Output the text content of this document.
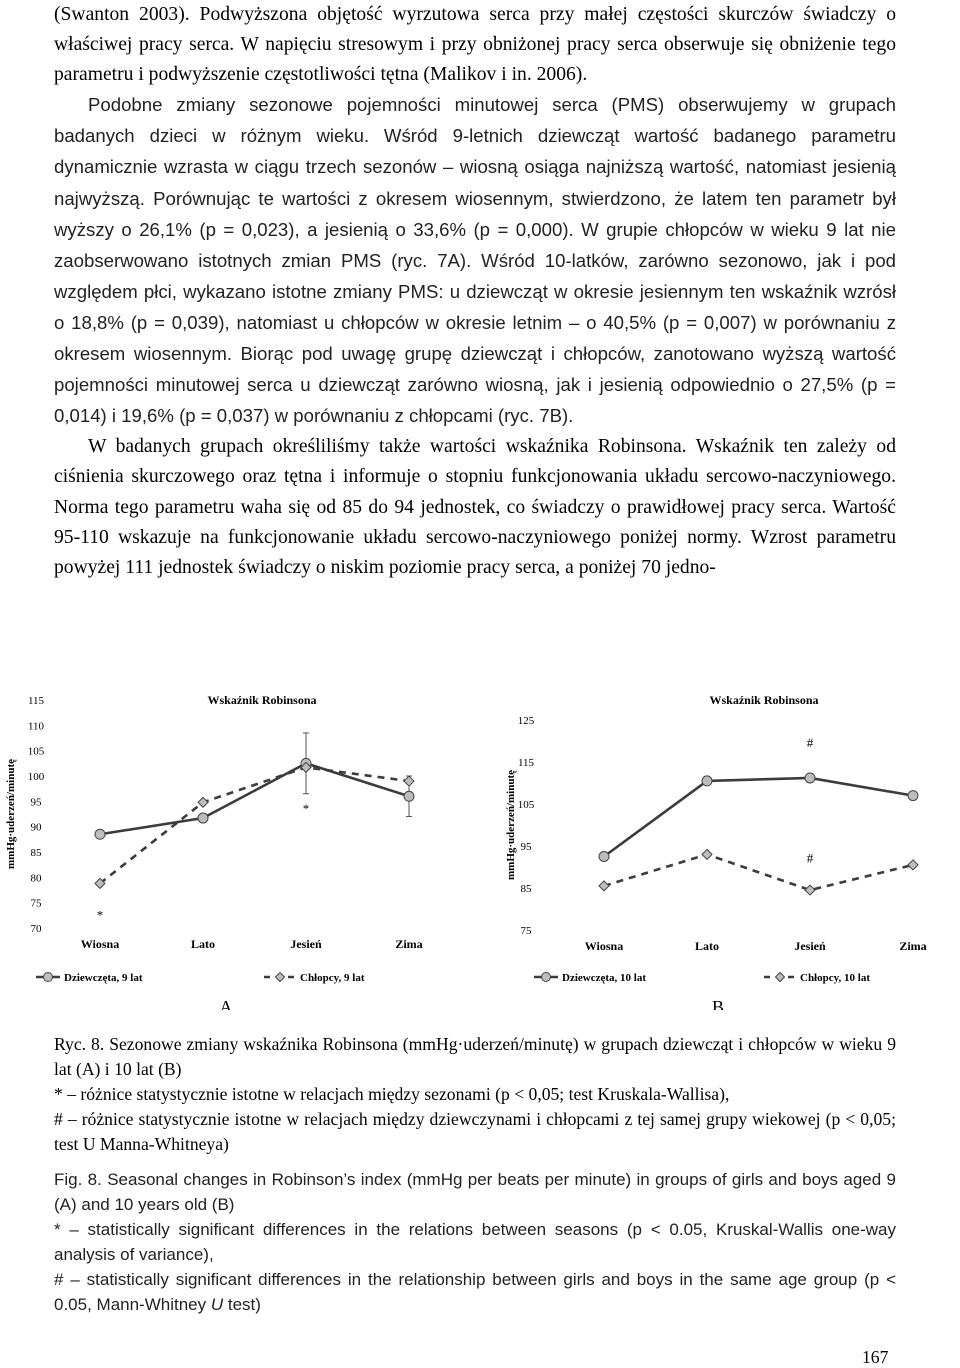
(Swanton 2003). Podwyższona objętość wyrzutowa serca przy małej częstości skurczów świadczy o właściwej pracy serca. W napięciu stresowym i przy obniżonej pracy serca obserwuje się obniżenie tego parametru i podwyższenie częstotliwości tętna (Malikov i in. 2006).

Podobne zmiany sezonowe pojemności minutowej serca (PMS) obserwujemy w grupach badanych dzieci w różnym wieku. Wśród 9-letnich dziewcząt wartość badanego parametru dynamicznie wzrasta w ciągu trzech sezonów – wiosną osiąga najniższą wartość, natomiast jesienią najwyższą. Porównując te wartości z okresem wiosennym, stwierdzono, że latem ten parametr był wyższy o 26,1% (p = 0,023), a jesienią o 33,6% (p = 0,000). W grupie chłopców w wieku 9 lat nie zaobserwowano istotnych zmian PMS (ryc. 7A). Wśród 10-latków, zarówno sezonowo, jak i pod względem płci, wykazano istotne zmiany PMS: u dziewcząt w okresie jesiennym ten wskaźnik wzrósł o 18,8% (p = 0,039), natomiast u chłopców w okresie letnim – o 40,5% (p = 0,007) w porównaniu z okresem wiosennym. Biorąc pod uwagę grupę dziewcząt i chłopców, zanotowano wyższą wartość pojemności minutowej serca u dziewcząt zarówno wiosną, jak i jesienią odpowiednio o 27,5% (p = 0,014) i 19,6% (p = 0,037) w porównaniu z chłopcami (ryc. 7B).

W badanych grupach określiliśmy także wartości wskaźnika Robinsona. Wskaźnik ten zależy od ciśnienia skurczowego oraz tętna i informuje o stopniu funkcjonowania układu sercowo-naczyniowego. Norma tego parametru waha się od 85 do 94 jednostek, co świadczy o prawidłowej pracy serca. Wartość 95-110 wskazuje na funkcjonowanie układu sercowo-naczyniowego poniżej normy. Wzrost parametru powyżej 111 jednostek świadczy o niskim poziomie pracy serca, a poniżej 70 jedno-

Wskaźnik Robinsona
mmHg·uderzeń/minutę
70
75
80
85
90
95
100
105
110
115
Wiosna	Lato	Jesień	Zima
*
*
Dziewczęta, 9 lat	Chłopcy, 9 lat
A
Wskaźnik Robinsona
mmHg·uderzeń/minutę
75
85
95
105
115
125
Wiosna	Lato	Jesień	Zima
#
#
Dziewczęta, 10 lat	Chłopcy, 10 lat
B

Ryc. 8. Sezonowe zmiany wskaźnika Robinsona (mmHg·uderzeń/minutę) w grupach dziewcząt i chłopców w wieku 9 lat (A) i 10 lat (B)

* – różnice statystycznie istotne w relacjach między sezonami (p < 0,05; test Kruskala-Wallisa),

# – różnice statystycznie istotne w relacjach między dziewczynami i chłopcami z tej samej grupy wiekowej (p < 0,05; test U Manna-Whitneya)

Fig. 8. Seasonal changes in Robinson’s index (mmHg per beats per minute) in groups of girls and boys aged 9 (A) and 10 years old (B)

* – statistically significant differences in the relations between seasons (p < 0.05, Kruskal-Wallis one-way analysis of variance),

# – statistically significant differences in the relationship between girls and boys in the same age group (p < 0.05, Mann-Whitney U test)

167
